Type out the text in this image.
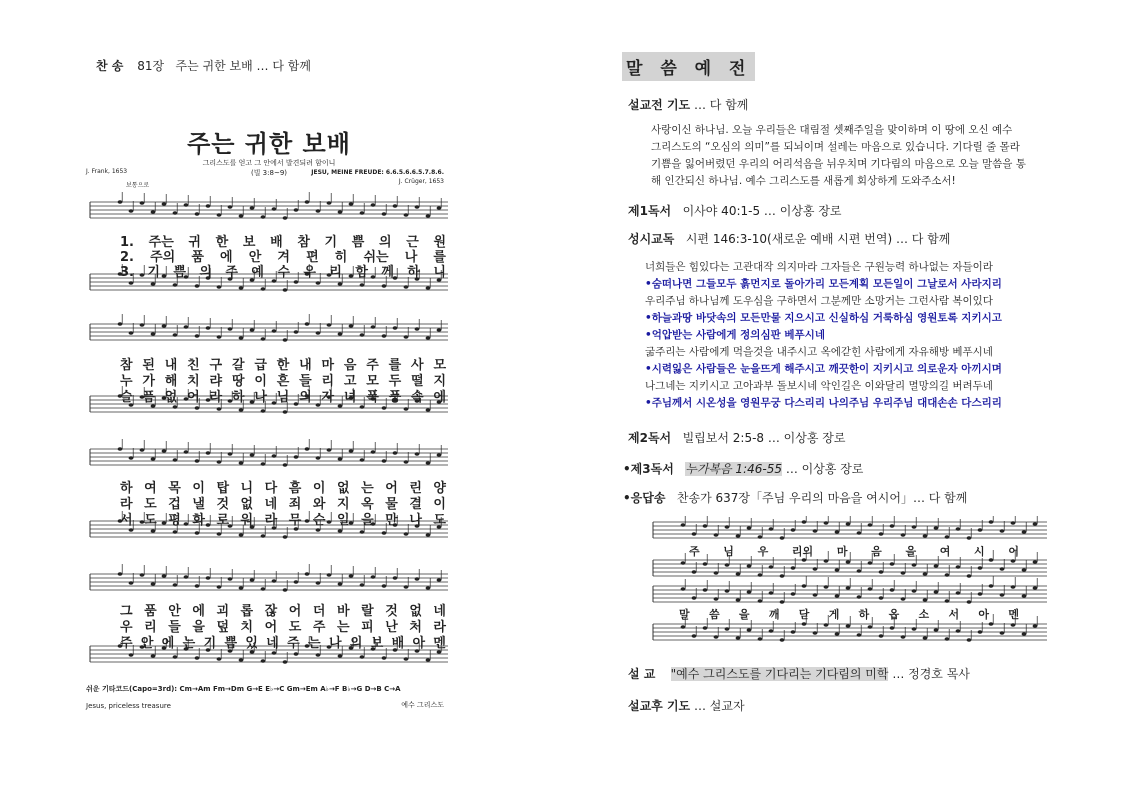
찬 송 81장 주는 귀한 보배 … 다 함께
주는 귀한 보배
그리스도를 얻고 그 안에서 발견되려 함이니
(빌 3:8~9)
J. Frank, 1653	JESU, MEINE FREUDE: 6.6.5.6.6.5.7.8.6.
J. Crüger, 1653
보통으로
1. 주는 귀 한 보 배 참 기 쁨 의 근 원
2. 주의 품 에 안 겨 편 히 쉬는 나 를
3. 기 쁨 의 주 예 수 우 리 함 께 하 니
참 된 내 친 구 갈 급 한 내 마 음 주 를 사 모
누 가 해 치 랴 땅 이 흔 들 리 고 모 두 떨 지
슬 픔 없 어 라 하 나 님 의 자 녀 폭 풍 속 에
하 여 목 이 탑 니 다 흠 이 없 는 어 린 양
라 도 겁 낼 것 없 네 죄 와 지 옥 물 결 이
서 도 평 화 로 워 라 무 슨 일 을 만 나 도
그 품 안 에 괴 롭 잖 어 더 바 랄 것 없 네
우 리 들 을 덮 치 어 도 주 는 피 난 처 라
주 안 에 는 기 쁨 있 네 주 는 나 의 보 배 아 멘
쉬운 기타코드(Capo=3rd): Cm→Am Fm→Dm G→E E♭→C Gm→Em A♭→F B♭→G D→B C→A
Jesus, priceless treasure	예수 그리스도
말 씀 예 전
설교전 기도 … 다 함께
사랑이신 하나님. 오늘 우리들은 대림절 셋째주일을 맞이하며 이 땅에 오신 예수
그리스도의 “오심의 의미”를 되뇌이며 설레는 마음으로 있습니다. 기다릴 줄 몰라
기쁨을 잃어버렸던 우리의 어리석음을 뉘우치며 기다림의 마음으로 오늘 말씀을 통
해 인간되신 하나님. 예수 그리스도를 새롭게 회상하게 도와주소서!
제1독서 이사야 40:1-5 … 이상홍 장로
성시교독 시편 146:3-10(새로운 예배 시편 번역) … 다 함께
너희들은 힘있다는 고관대작 의지마라 그자들은 구원능력 하나없는 자들이라
•숨떠나면 그들모두 흙먼지로 돌아가리 모든계획 모든일이 그날로서 사라지리
우리주님 하나님께 도우심을 구하면서 그분께만 소망거는 그런사람 복이있다
•하늘과땅 바닷속의 모든만물 지으시고 신실하심 거룩하심 영원토록 지키시고
•억압받는 사람에게 정의심판 베푸시네
굶주리는 사람에게 먹을것을 내주시고 옥에갇힌 사람에게 자유해방 베푸시네
•시력잃은 사람들은 눈을뜨게 해주시고 깨끗한이 지키시고 의로운자 아끼시며
나그네는 지키시고 고아과부 돌보시네 악인길은 이와달리 멸망의길 버려두네
•주님께서 시온성을 영원무궁 다스리리 나의주님 우리주님 대대손손 다스리리
제2독서 빌립보서 2:5-8 … 이상홍 장로
•제3독서 누가복음 1:46-55 … 이상홍 장로
•응답송 찬송가 637장「주님 우리의 마음을 여시어」… 다 함께
주 님 우 리의 마 음 을 여 시 어
말 씀 을 깨 닫 게 하 옵 소 서 아 멘
설 교 "예수 그리스도를 기다리는 기다림의 미학 … 정경호 목사
설교후 기도 … 설교자
